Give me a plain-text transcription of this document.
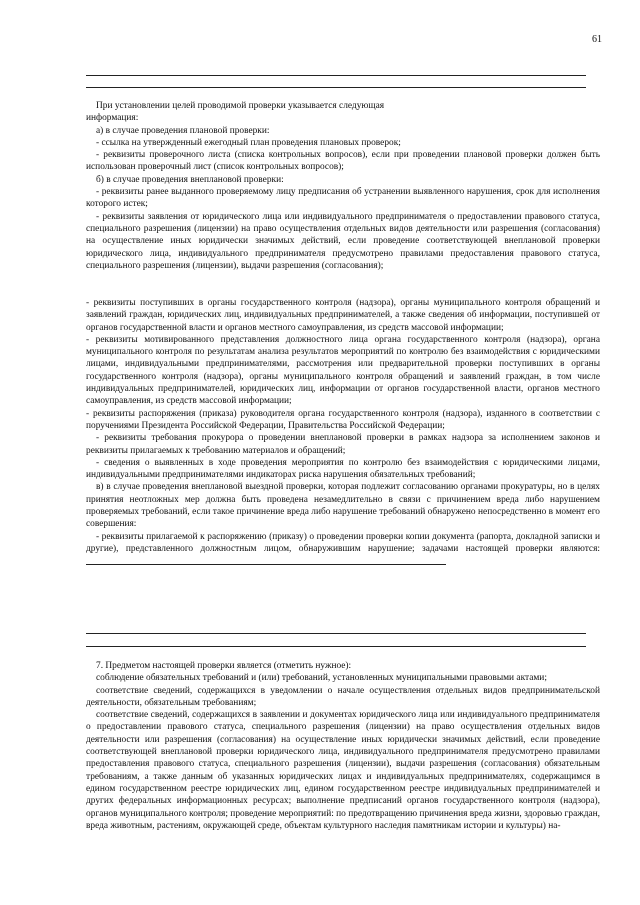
61

При установлении целей проводимой проверки указывается следующая

информация:

а) в случае проведения плановой проверки:

- ссылка на утвержденный ежегодный план проведения плановых проверок;

- реквизиты проверочного листа (списка контрольных вопросов), если при проведении плановой проверки должен быть использован проверочный лист (список контрольных вопросов);

б) в случае проведения внеплановой проверки:

- реквизиты ранее выданного проверяемому лицу предписания об устранении выявленного нарушения, срок для исполнения которого истек;

- реквизиты заявления от юридического лица или индивидуального предпринимателя о предоставлении правового статуса, специального разрешения (лицензии) на право осуществления отдельных видов деятельности или разрешения (согласования) на осуществление иных юридически значимых действий, если проведение соответствующей внеплановой проверки юридического лица, индивидуального предпринимателя предусмотрено правилами предоставления правового статуса, специального разрешения (лицензии), выдачи разрешения (согласования);

- реквизиты поступивших в органы государственного контроля (надзора), органы муниципального контроля обращений и заявлений граждан, юридических лиц, индивидуальных предпринимателей, а также сведения об информации, поступившей от органов государственной власти и органов местного самоуправления, из средств массовой информации;

- реквизиты мотивированного представления должностного лица органа государственного контроля (надзора), органа муниципального контроля по результатам анализа результатов мероприятий по контролю без взаимодействия с юридическими лицами, индивидуальными предпринимателями, рассмотрения или предварительной проверки поступивших в органы государственного контроля (надзора), органы муниципального контроля обращений и заявлений граждан, в том числе индивидуальных предпринимателей, юридических лиц, информации от органов государственной власти, органов местного самоуправления, из средств массовой информации;

- реквизиты распоряжения (приказа) руководителя органа государственного контроля (надзора), изданного в соответствии с поручениями Президента Российской Федерации, Правительства Российской Федерации;

- реквизиты требования прокурора о проведении внеплановой проверки в рамках надзора за исполнением законов и реквизиты прилагаемых к требованию материалов и обращений;

- сведения о выявленных в ходе проведения мероприятия по контролю без взаимодействия с юридическими лицами, индивидуальными предпринимателями индикаторах риска нарушения обязательных требований;

в) в случае проведения внеплановой выездной проверки, которая подлежит согласованию органами прокуратуры, но в целях принятия неотложных мер должна быть проведена незамедлительно в связи с причинением вреда либо нарушением проверяемых требований, если такое причинение вреда либо нарушение требований обнаружено непосредственно в момент его совершения:

- реквизиты прилагаемой к распоряжению (приказу) о проведении проверки копии документа (рапорта, докладной записки и другие), представленного должностным лицом, обнаружившим нарушение; задачами настоящей проверки являются:

7. Предметом настоящей проверки является (отметить нужное):

соблюдение обязательных требований и (или) требований, установленных муниципальными правовыми актами;

соответствие сведений, содержащихся в уведомлении о начале осуществления отдельных видов предпринимательской деятельности, обязательным требованиям;

соответствие сведений, содержащихся в заявлении и документах юридического лица или индивидуального предпринимателя о предоставлении правового статуса, специального разрешения (лицензии) на право осуществления отдельных видов деятельности или разрешения (согласования) на осуществление иных юридически значимых действий, если проведение соответствующей внеплановой проверки юридического лица, индивидуального предпринимателя предусмотрено правилами предоставления правового статуса, специального разрешения (лицензии), выдачи разрешения (согласования) обязательным требованиям, а также данным об указанных юридических лицах и индивидуальных предпринимателях, содержащимся в едином государственном реестре юридических лиц, едином государственном реестре индивидуальных предпринимателей и других федеральных информационных ресурсах; выполнение предписаний органов государственного контроля (надзора), органов муниципального контроля; проведение мероприятий: по предотвращению причинения вреда жизни, здоровью граждан, вреда животным, растениям, окружающей среде, объектам культурного наследия памятникам истории и культуры) на-
